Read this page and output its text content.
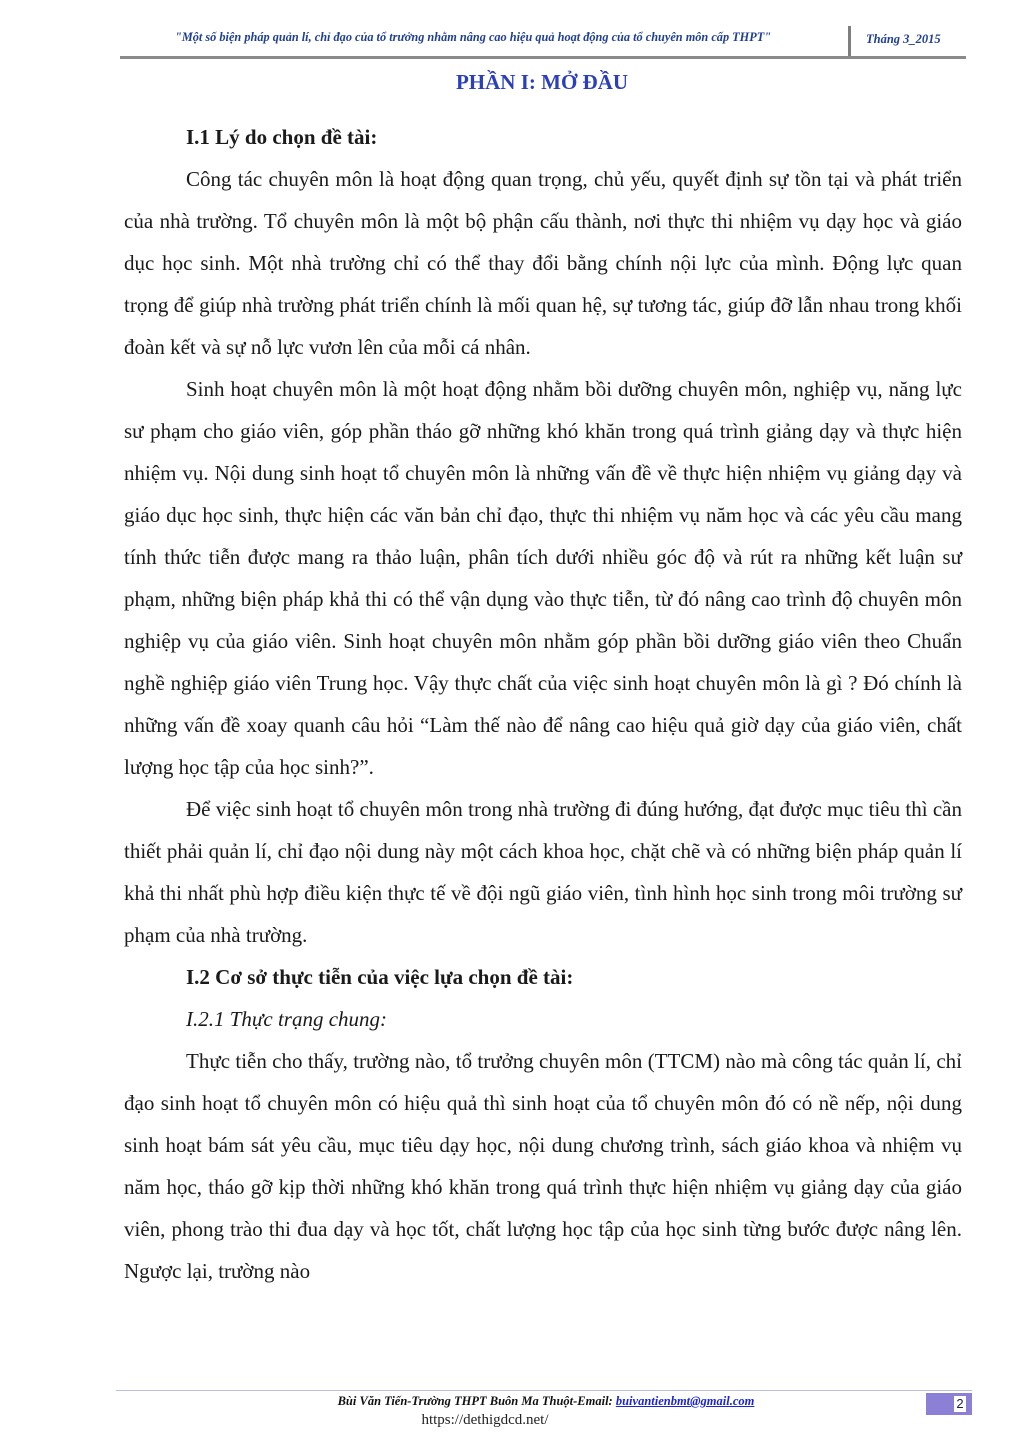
"Một số biện pháp quản lí, chỉ đạo của tổ trưởng nhằm nâng cao hiệu quả hoạt động của tổ chuyên môn cấp THPT"	Tháng 3_2015
PHẦN I: MỞ ĐẦU

I.1 Lý do chọn đề tài:

Công tác chuyên môn là hoạt động quan trọng, chủ yếu, quyết định sự tồn tại và phát triển của nhà trường. Tổ chuyên môn là một bộ phận cấu thành, nơi thực thi nhiệm vụ dạy học và giáo dục học sinh. Một nhà trường chỉ có thể thay đổi bằng chính nội lực của mình. Động lực quan trọng để giúp nhà trường phát triển chính là mối quan hệ, sự tương tác, giúp đỡ lẫn nhau trong khối đoàn kết và sự nỗ lực vươn lên của mỗi cá nhân.

Sinh hoạt chuyên môn là một hoạt động nhằm bồi dưỡng chuyên môn, nghiệp vụ, năng lực sư phạm cho giáo viên, góp phần tháo gỡ những khó khăn trong quá trình giảng dạy và thực hiện nhiệm vụ. Nội dung sinh hoạt tổ chuyên môn là những vấn đề về thực hiện nhiệm vụ giảng dạy và giáo dục học sinh, thực hiện các văn bản chỉ đạo, thực thi nhiệm vụ năm học và các yêu cầu mang tính thức tiễn được mang ra thảo luận, phân tích dưới nhiều góc độ và rút ra những kết luận sư phạm, những biện pháp khả thi có thể vận dụng vào thực tiễn, từ đó nâng cao trình độ chuyên môn nghiệp vụ của giáo viên. Sinh hoạt chuyên môn nhằm góp phần bồi dưỡng giáo viên theo Chuẩn nghề nghiệp giáo viên Trung học. Vậy thực chất của việc sinh hoạt chuyên môn là gì ? Đó chính là những vấn đề xoay quanh câu hỏi “Làm thế nào để nâng cao hiệu quả giờ dạy của giáo viên, chất lượng học tập của học sinh?”.

Để việc sinh hoạt tổ chuyên môn trong nhà trường đi đúng hướng, đạt được mục tiêu thì cần thiết phải quản lí, chỉ đạo nội dung này một cách khoa học, chặt chẽ và có những biện pháp quản lí khả thi nhất phù hợp điều kiện thực tế về đội ngũ giáo viên, tình hình học sinh trong môi trường sư phạm của nhà trường.

I.2 Cơ sở thực tiễn của việc lựa chọn đề tài:

I.2.1 Thực trạng chung:

Thực tiễn cho thấy, trường nào, tổ trưởng chuyên môn (TTCM) nào mà công tác quản lí, chỉ đạo sinh hoạt tổ chuyên môn có hiệu quả thì sinh hoạt của tổ chuyên môn đó có nề nếp, nội dung sinh hoạt bám sát yêu cầu, mục tiêu dạy học, nội dung chương trình, sách giáo khoa và nhiệm vụ năm học, tháo gỡ kịp thời những khó khăn trong quá trình thực hiện nhiệm vụ giảng dạy của giáo viên, phong trào thi đua dạy và học tốt, chất lượng học tập của học sinh từng bước được nâng lên. Ngược lại, trường nào

Bùi Văn Tiến-Trường THPT Buôn Ma Thuột-Email: buivantienbmt@gmail.com	2
https://dethigdcd.net/
